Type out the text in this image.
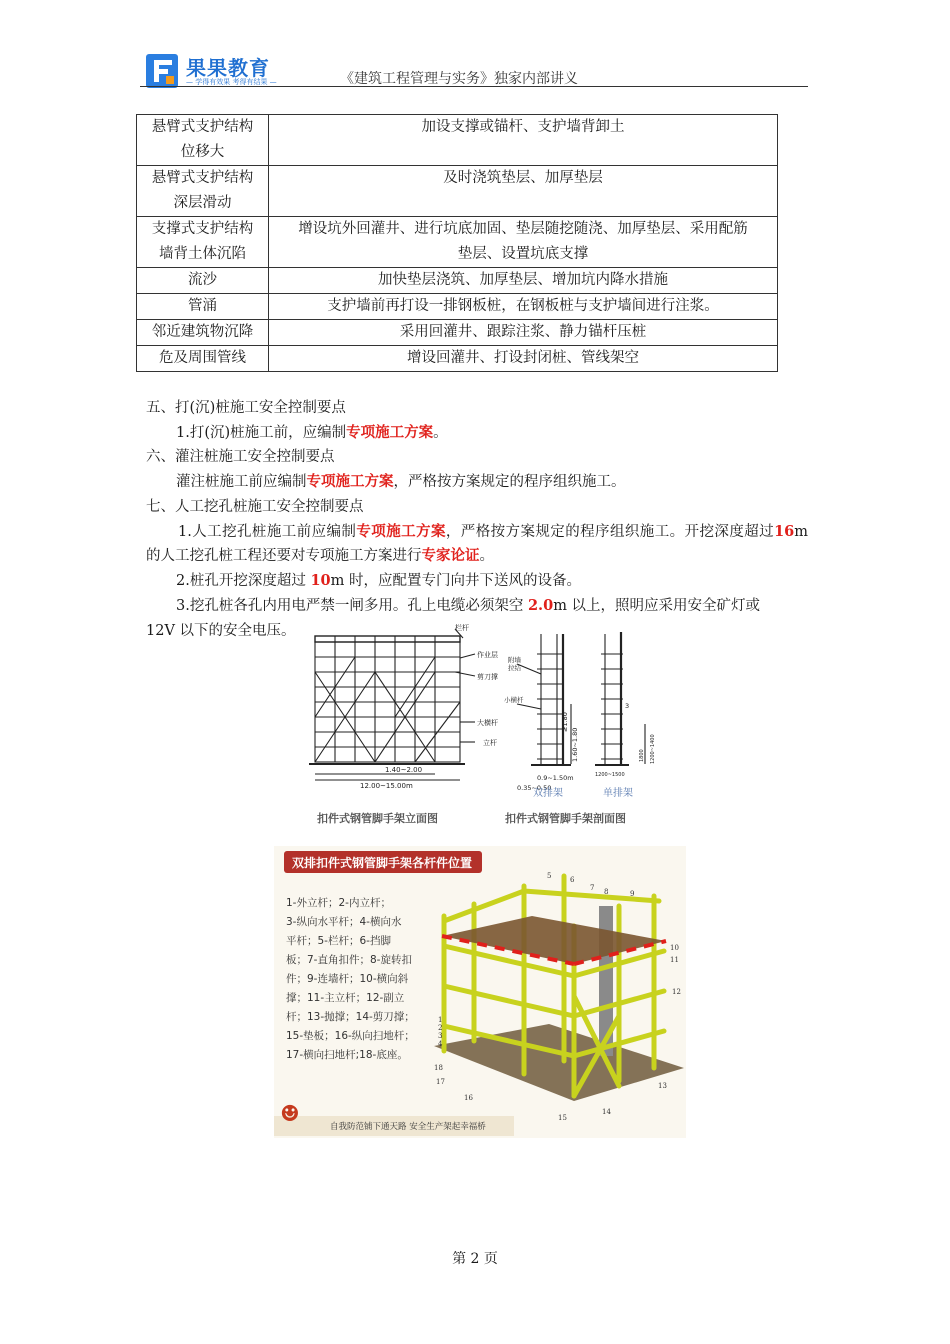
果果教育
— 学得有效果 考得有结果 —	《建筑工程管理与实务》独家内部讲义
悬臂式支护结构
位移大	加设支撑或锚杆、支护墙背卸土
悬臂式支护结构
深层滑动	及时浇筑垫层、加厚垫层
支撑式支护结构
墙背土体沉陷	增设坑外回灌井、进行坑底加固、垫层随挖随浇、加厚垫层、采用配筋
垫层、设置坑底支撑
流沙	加快垫层浇筑、加厚垫层、增加坑内降水措施
管涌	支护墙前再打设一排钢板桩，在钢板桩与支护墙间进行注浆。
邻近建筑物沉降	采用回灌井、跟踪注浆、静力锚杆压桩
危及周围管线	增设回灌井、打设封闭桩、管线架空
五、打(沉)桩施工安全控制要点
1.打(沉)桩施工前，应编制专项施工方案。
六、灌注桩施工安全控制要点
灌注桩施工前应编制专项施工方案，严格按方案规定的程序组织施工。
七、人工挖孔桩施工安全控制要点
1.人工挖孔桩施工前应编制专项施工方案，严格按方案规定的程序组织施工。开挖深度超过16m 的人工挖孔桩工程还要对专项施工方案进行专家论证。
2.桩孔开挖深度超过 10m 时，应配置专门向井下送风的设备。
3.挖孔桩各孔内用电严禁一闸多用。孔上电缆必须架空 2.0m 以上，照明应采用安全矿灯或
12V 以下的安全电压。	栏杆
作业层
剪刀撑
大横杆
立杆
1.40~2.00
12.00~15.00m
附墙
拉结
小横杆
3
0.9~1.50m
0.35~0.50
1200~1500
≥1.80
1.60~1.80	1800 1200~1400
双排架	单排架
扣件式钢管脚手架立面图	扣件式钢管脚手架剖面图
双排扣件式钢管脚手架各杆件位置
1-外立杆；2-内立杆；
3-纵向水平杆；4-横向水
平杆；5-栏杆；6-挡脚
板；7-直角扣件；8-旋转扣
件；9-连墙杆；10-横向斜
撑；11-主立杆；12-副立
杆；13-抛撑；14-剪刀撑；
15-垫板；16-纵向扫地杆；
17-横向扫地杆;18-底座。
5	6
7 8	9
10
11
12
13
14
15
16
18
1
2
3
4
17
☻	自我防范铺下通天路 安全生产架起幸福桥
第 2 页
